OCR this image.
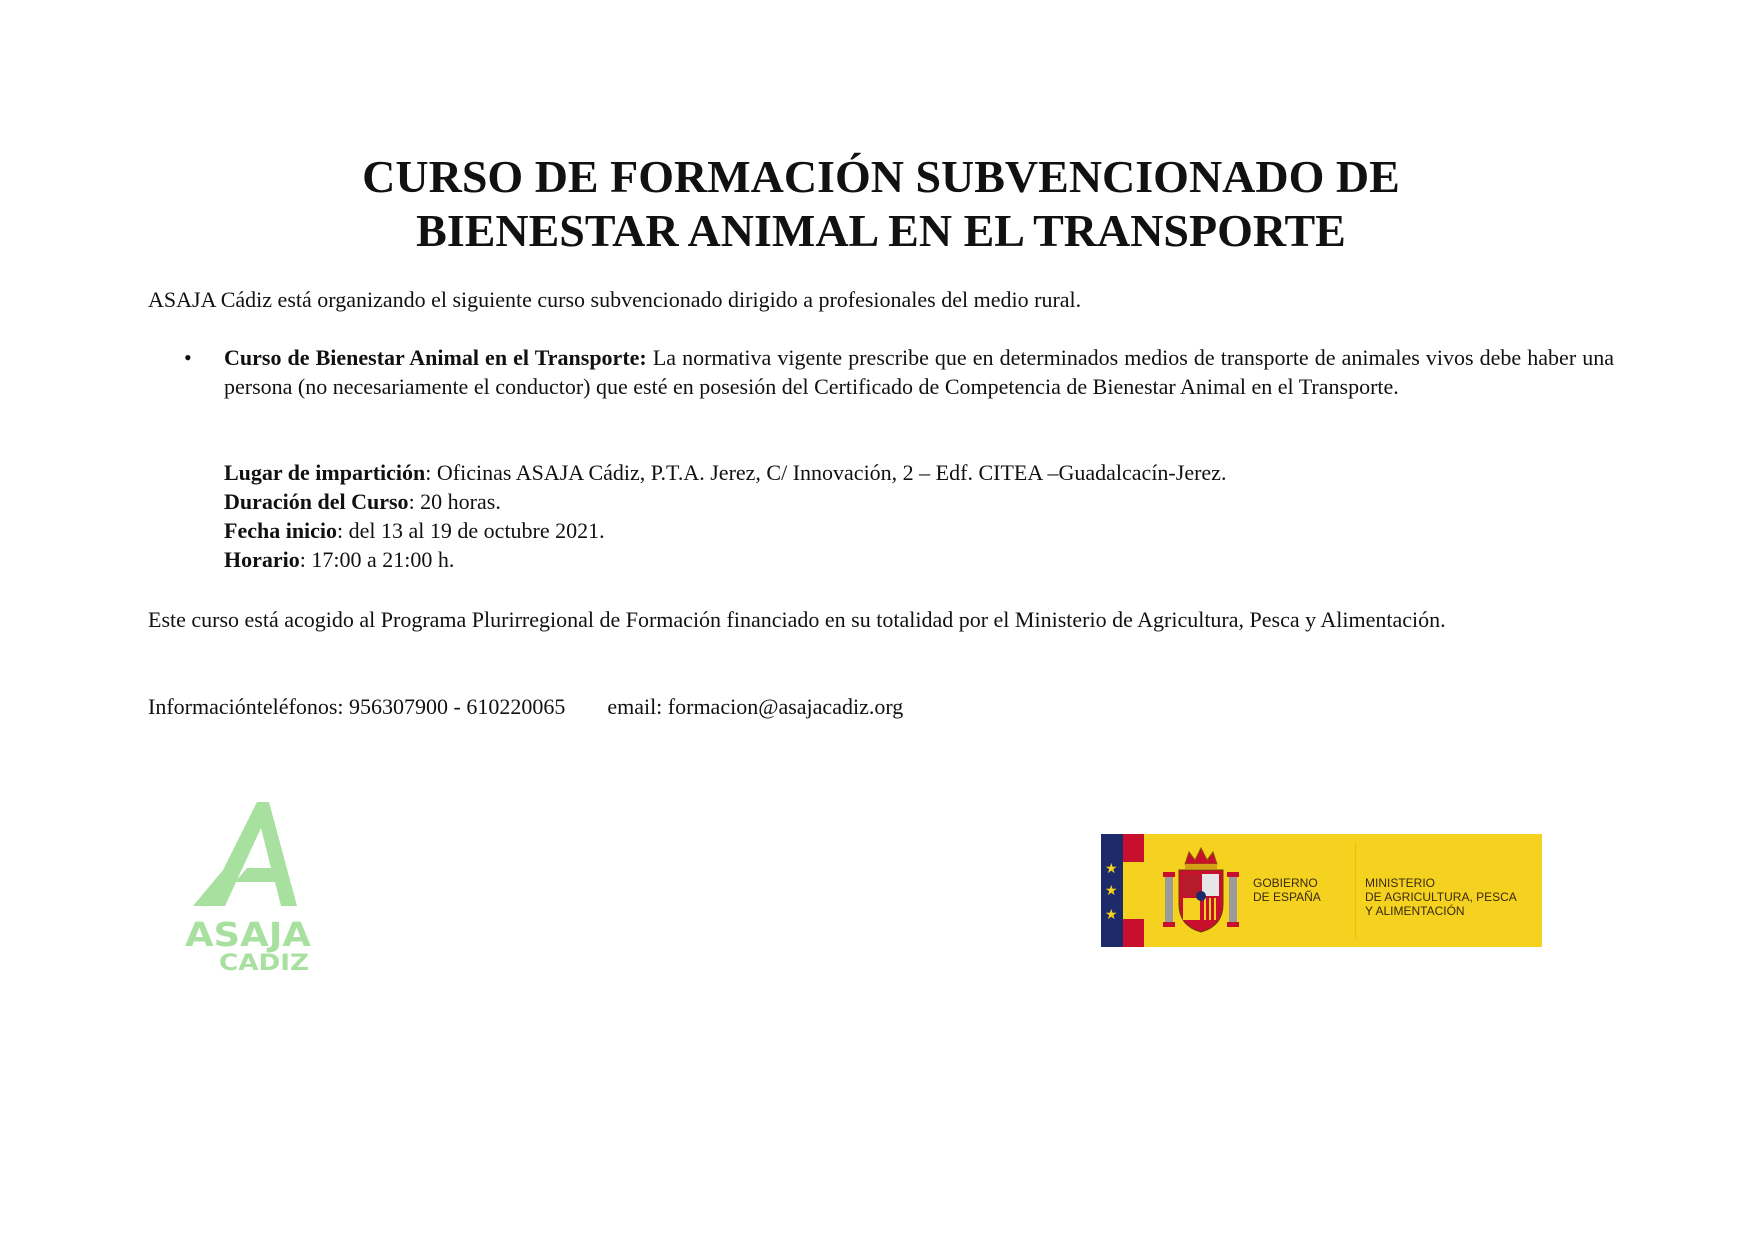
CURSO DE FORMACIÓN SUBVENCIONADO DE
BIENESTAR ANIMAL EN EL TRANSPORTE

ASAJA Cádiz está organizando el siguiente curso subvencionado dirigido a profesionales del medio rural.

• Curso de Bienestar Animal en el Transporte: La normativa vigente prescribe que en determinados medios de transporte de animales vivos debe haber una persona (no necesariamente el conductor) que esté en posesión del Certificado de Competencia de Bienestar Animal en el Transporte.

Lugar de impartición: Oficinas ASAJA Cádiz, P.T.A. Jerez, C/ Innovación, 2 – Edf. CITEA –Guadalcacín-Jerez.
Duración del Curso: 20 horas.
Fecha inicio: del 13 al 19 de octubre 2021.
Horario: 17:00 a 21:00 h.

Este curso está acogido al Programa Plurirregional de Formación financiado en su totalidad por el Ministerio de Agricultura, Pesca y Alimentación.

Informaciónteléfonos: 956307900 - 610220065 email: formacion@asajacadiz.org

ASAJA
CADIZ
★
★
★
GOBIERNO
DE ESPAÑA
MINISTERIO
DE AGRICULTURA, PESCA
Y ALIMENTACIÓN
